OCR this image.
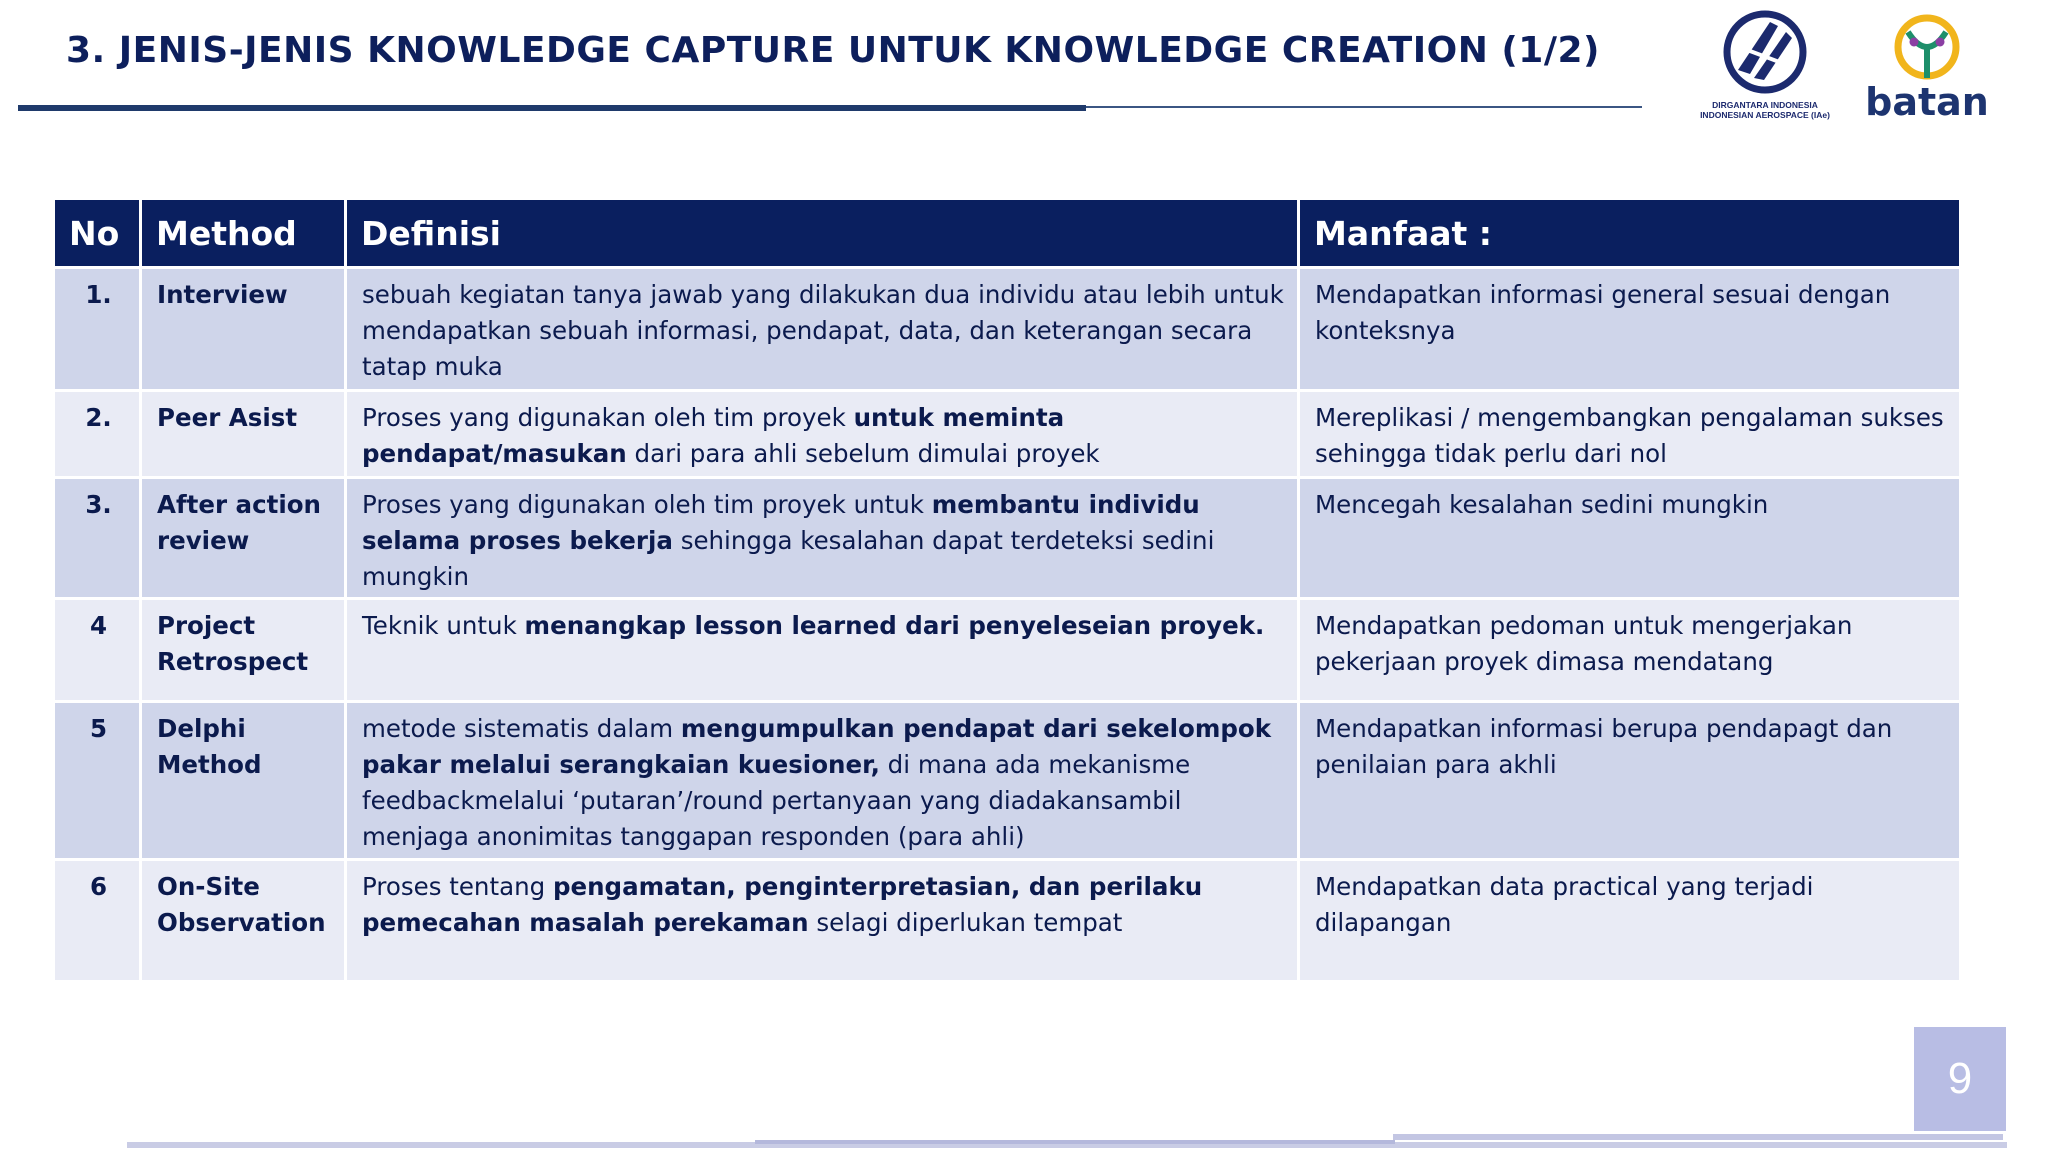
3. JENIS-JENIS KNOWLEDGE CAPTURE UNTUK KNOWLEDGE CREATION (1/2)
DIRGANTARA INDONESIA
INDONESIAN AEROSPACE (IAe) batan
No	Method	Definisi	Manfaat :
1.	Interview	sebuah kegiatan tanya jawab yang dilakukan dua individu atau lebih untuk mendapatkan sebuah informasi, pendapat, data, dan keterangan secara tatap muka	Mendapatkan informasi general sesuai dengan konteksnya
2.	Peer Asist	Proses yang digunakan oleh tim proyek untuk meminta pendapat/masukan dari para ahli sebelum dimulai proyek	Mereplikasi / mengembangkan pengalaman sukses sehingga tidak perlu dari nol
3.	After action review	Proses yang digunakan oleh tim proyek untuk membantu individu selama proses bekerja sehingga kesalahan dapat terdeteksi sedini mungkin	Mencegah kesalahan sedini mungkin
4	Project Retrospect	Teknik untuk menangkap lesson learned dari penyeleseian proyek.	Mendapatkan pedoman untuk mengerjakan pekerjaan proyek dimasa mendatang
5	Delphi Method	metode sistematis dalam mengumpulkan pendapat dari sekelompok pakar melalui serangkaian kuesioner, di mana ada mekanisme feedbackmelalui ‘putaran’/round pertanyaan yang diadakansambil menjaga anonimitas tanggapan responden (para ahli)	Mendapatkan informasi berupa pendapagt dan penilaian para akhli
6	On-Site Observation	Proses tentang pengamatan, penginterpretasian, dan perilaku pemecahan masalah perekaman selagi diperlukan tempat	Mendapatkan data practical yang terjadi dilapangan
9
